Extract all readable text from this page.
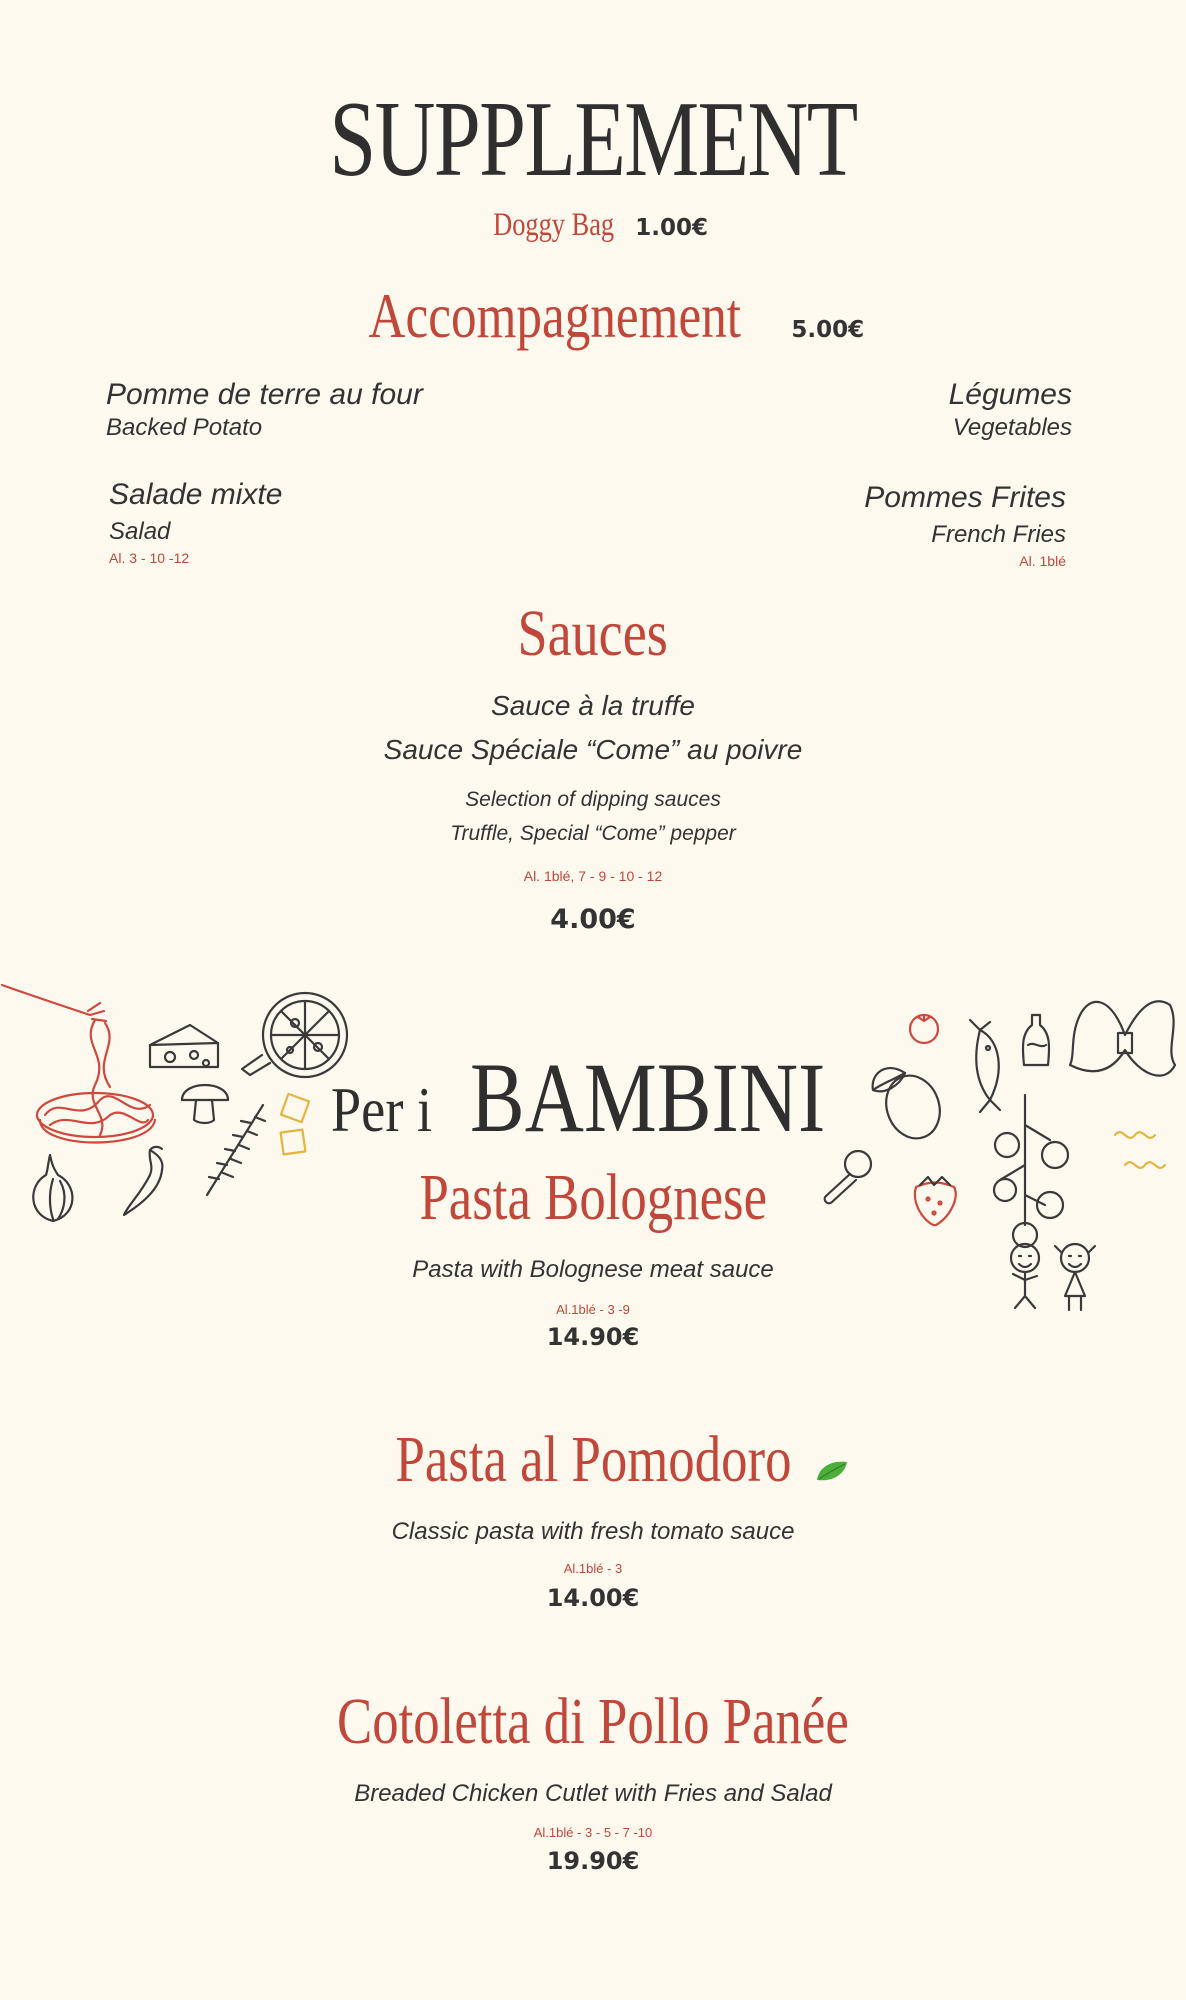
SUPPLEMENT
Doggy Bag 1.00€
Accompagnement 5.00€
Pomme de terre au four
Backed Potato
Légumes
Vegetables
Salade mixte
Salad
Al. 3 - 10 -12
Pommes Frites
French Fries
Al. 1blé
Sauces
Sauce à la truffe
Sauce Spéciale “Come” au poivre
Selection of dipping sauces
Truffle, Special “Come” pepper
Al. 1blé, 7 - 9 - 10 - 12
4.00€
Per i BAMBINI
Pasta Bolognese
Pasta with Bolognese meat sauce
Al.1blé - 3 -9
14.90€
Pasta al Pomodoro
Classic pasta with fresh tomato sauce
Al.1blé - 3
14.00€
Cotoletta di Pollo Panée
Breaded Chicken Cutlet with Fries and Salad
Al.1blé - 3 - 5 - 7 -10
19.90€
